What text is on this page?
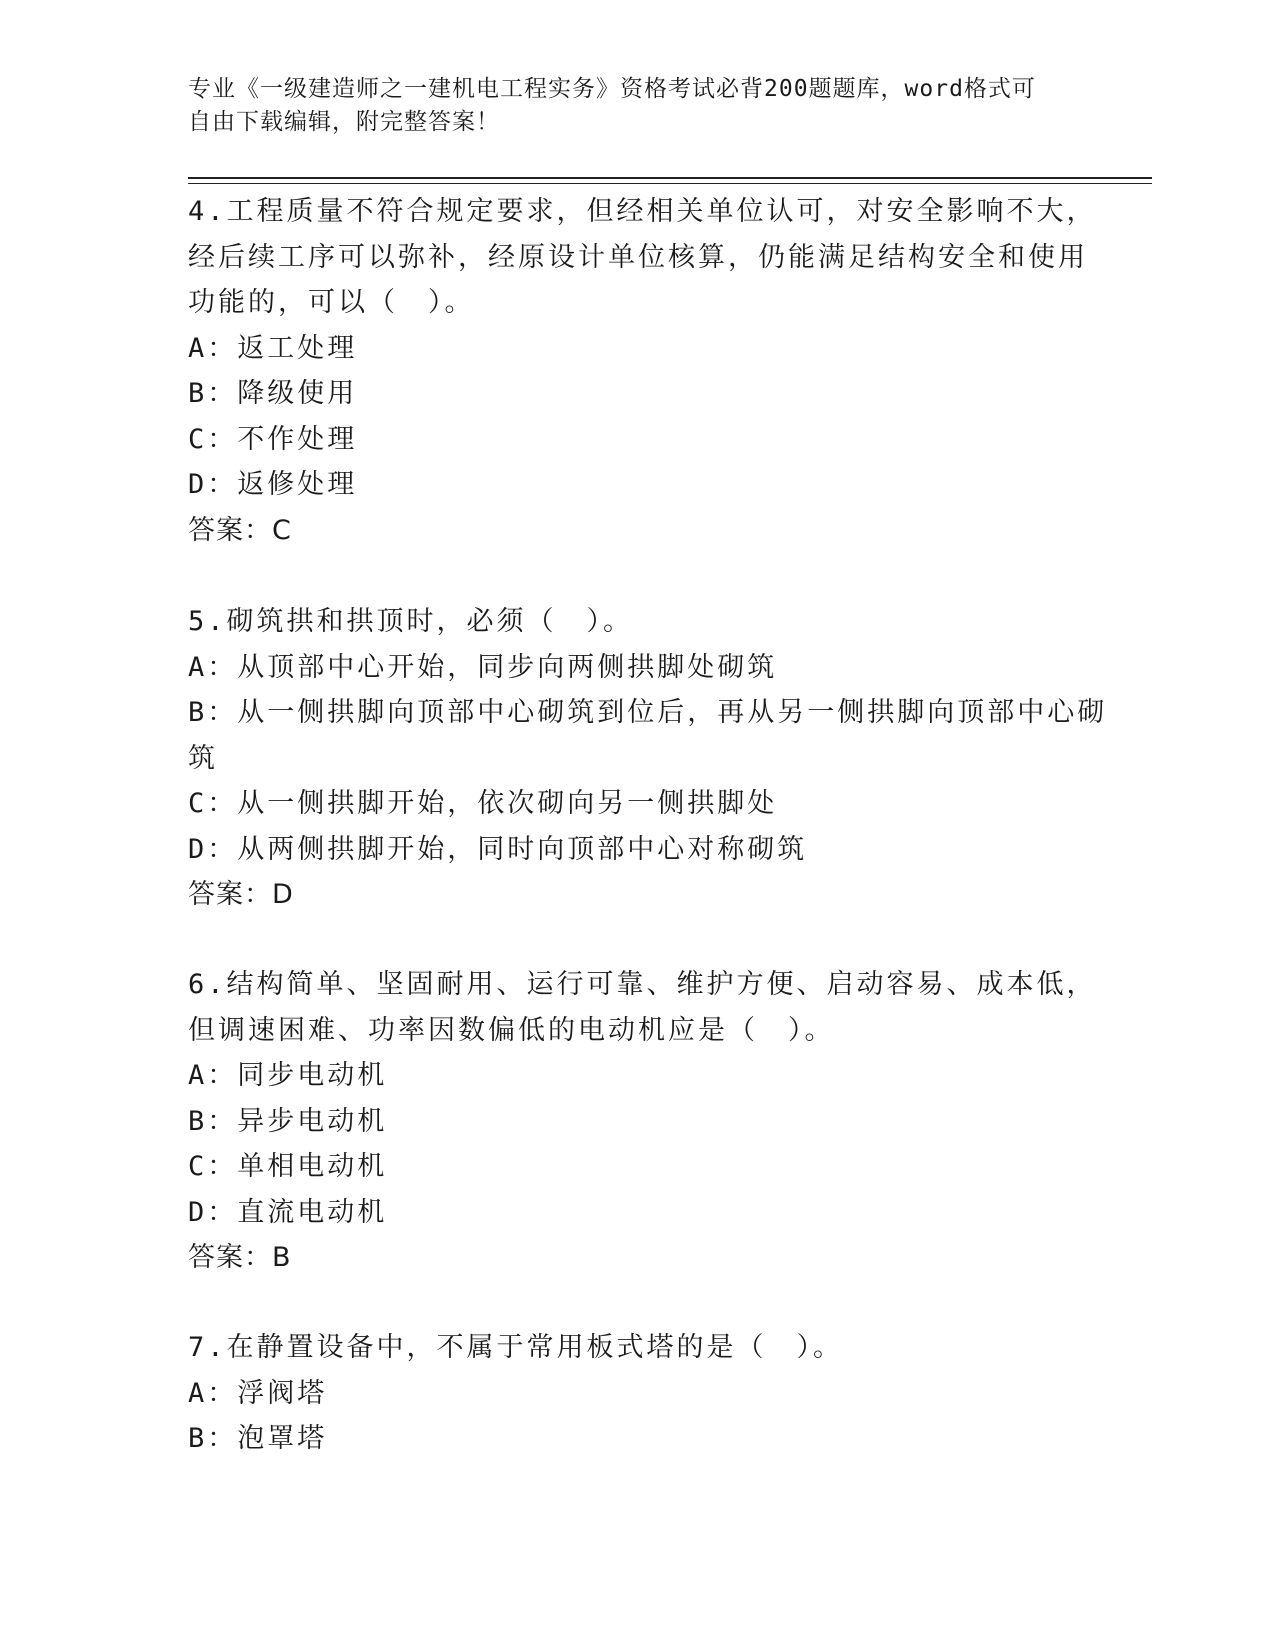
专业《一级建造师之一建机电工程实务》资格考试必背200题题库，word格式可
自由下载编辑，附完整答案！
4.工程质量不符合规定要求，但经相关单位认可，对安全影响不大，
经后续工序可以弥补，经原设计单位核算，仍能满足结构安全和使用
功能的，可以（　）。
A：返工处理
B：降级使用
C：不作处理
D：返修处理
答案：C
5.砌筑拱和拱顶时，必须（　）。
A：从顶部中心开始，同步向两侧拱脚处砌筑
B：从一侧拱脚向顶部中心砌筑到位后，再从另一侧拱脚向顶部中心砌
筑
C：从一侧拱脚开始，依次砌向另一侧拱脚处
D：从两侧拱脚开始，同时向顶部中心对称砌筑
答案：D
6.结构简单、坚固耐用、运行可靠、维护方便、启动容易、成本低，
但调速困难、功率因数偏低的电动机应是（　）。
A：同步电动机
B：异步电动机
C：单相电动机
D：直流电动机
答案：B
7.在静置设备中，不属于常用板式塔的是（　）。
A：浮阀塔
B：泡罩塔
